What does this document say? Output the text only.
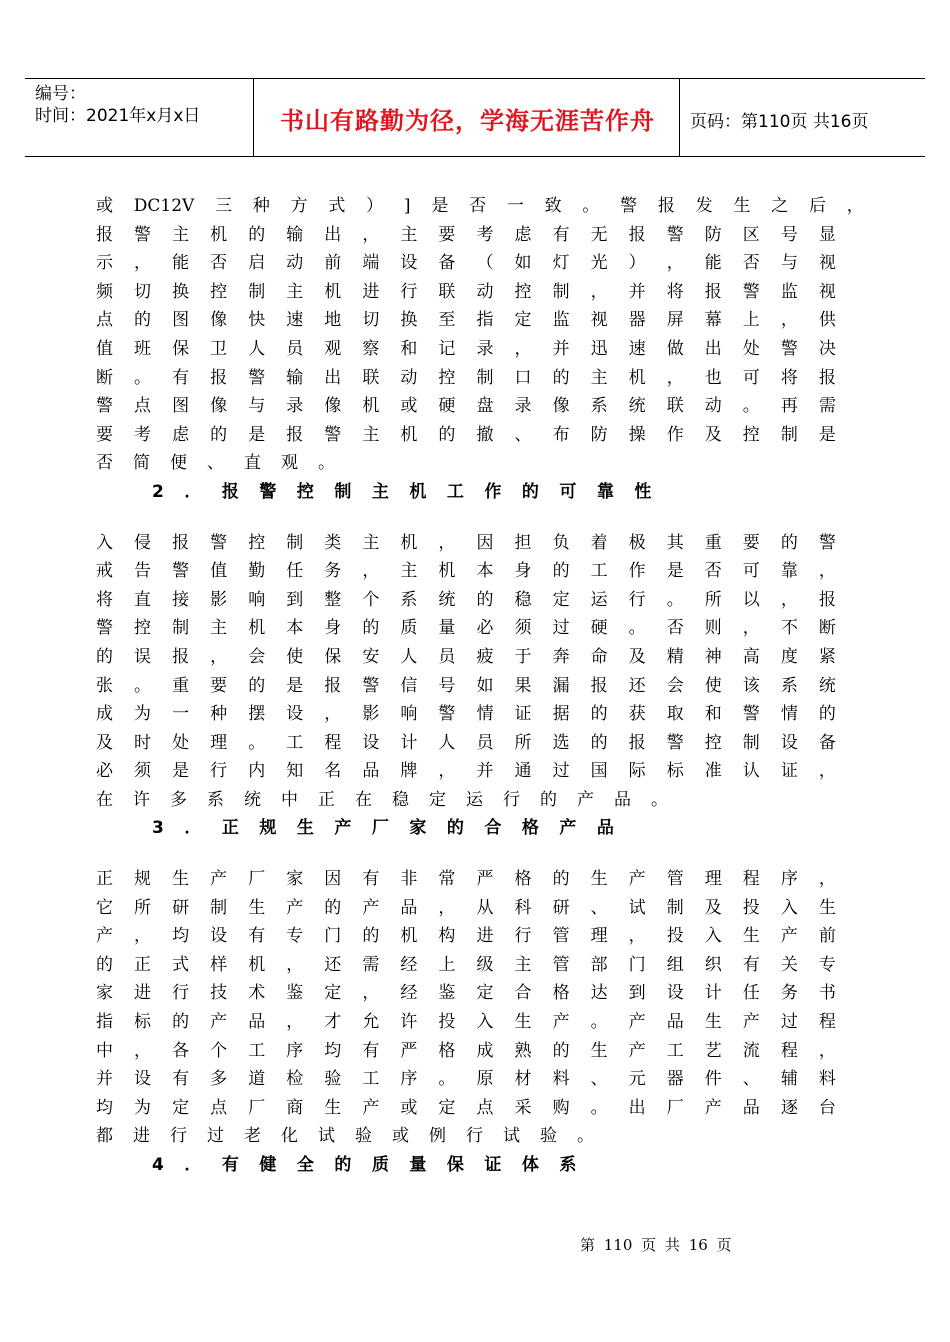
编号：
时间：2021年x月x日	书山有路勤为径，学海无涯苦作舟	页码：第110页 共16页
或 DC12V 三 种 方 式 ） ] 是 否 一 致 。 警 报 发 生 之 后 ，
报 警 主 机 的 输 出 ， 主 要 考 虑 有 无 报 警 防 区 号 显
示 ， 能 否 启 动 前 端 设 备 （ 如 灯 光 ） ， 能 否 与 视
频 切 换 控 制 主 机 进 行 联 动 控 制 ， 并 将 报 警 监 视
点 的 图 像 快 速 地 切 换 至 指 定 监 视 器 屏 幕 上 ， 供
值 班 保 卫 人 员 观 察 和 记 录 ， 并 迅 速 做 出 处 警 决
断 。 有 报 警 输 出 联 动 控 制 口 的 主 机 ， 也 可 将 报
警 点 图 像 与 录 像 机 或 硬 盘 录 像 系 统 联 动 。 再 需
要 考 虑 的 是 报 警 主 机 的 撤 、 布 防 操 作 及 控 制 是
否 简 便 、 直 观 。
2 ． 报 警 控 制 主 机 工 作 的 可 靠 性
入 侵 报 警 控 制 类 主 机 ， 因 担 负 着 极 其 重 要 的 警
戒 告 警 值 勤 任 务 ， 主 机 本 身 的 工 作 是 否 可 靠 ，
将 直 接 影 响 到 整 个 系 统 的 稳 定 运 行 。 所 以 ， 报
警 控 制 主 机 本 身 的 质 量 必 须 过 硬 。 否 则 ， 不 断
的 误 报 ， 会 使 保 安 人 员 疲 于 奔 命 及 精 神 高 度 紧
张 。 重 要 的 是 报 警 信 号 如 果 漏 报 还 会 使 该 系 统
成 为 一 种 摆 设 ， 影 响 警 情 证 据 的 获 取 和 警 情 的
及 时 处 理 。 工 程 设 计 人 员 所 选 的 报 警 控 制 设 备
必 须 是 行 内 知 名 品 牌 ， 并 通 过 国 际 标 准 认 证 ，
在 许 多 系 统 中 正 在 稳 定 运 行 的 产 品 。
3 ． 正 规 生 产 厂 家 的 合 格 产 品
正 规 生 产 厂 家 因 有 非 常 严 格 的 生 产 管 理 程 序 ，
它 所 研 制 生 产 的 产 品 ， 从 科 研 、 试 制 及 投 入 生
产 ， 均 设 有 专 门 的 机 构 进 行 管 理 ， 投 入 生 产 前
的 正 式 样 机 ， 还 需 经 上 级 主 管 部 门 组 织 有 关 专
家 进 行 技 术 鉴 定 ， 经 鉴 定 合 格 达 到 设 计 任 务 书
指 标 的 产 品 ， 才 允 许 投 入 生 产 。 产 品 生 产 过 程
中 ， 各 个 工 序 均 有 严 格 成 熟 的 生 产 工 艺 流 程 ，
并 设 有 多 道 检 验 工 序 。 原 材 料 、 元 器 件 、 辅 料
均 为 定 点 厂 商 生 产 或 定 点 采 购 。 出 厂 产 品 逐 台
都 进 行 过 老 化 试 验 或 例 行 试 验 。
4 ． 有 健 全 的 质 量 保 证 体 系
第 110 页 共 16 页
